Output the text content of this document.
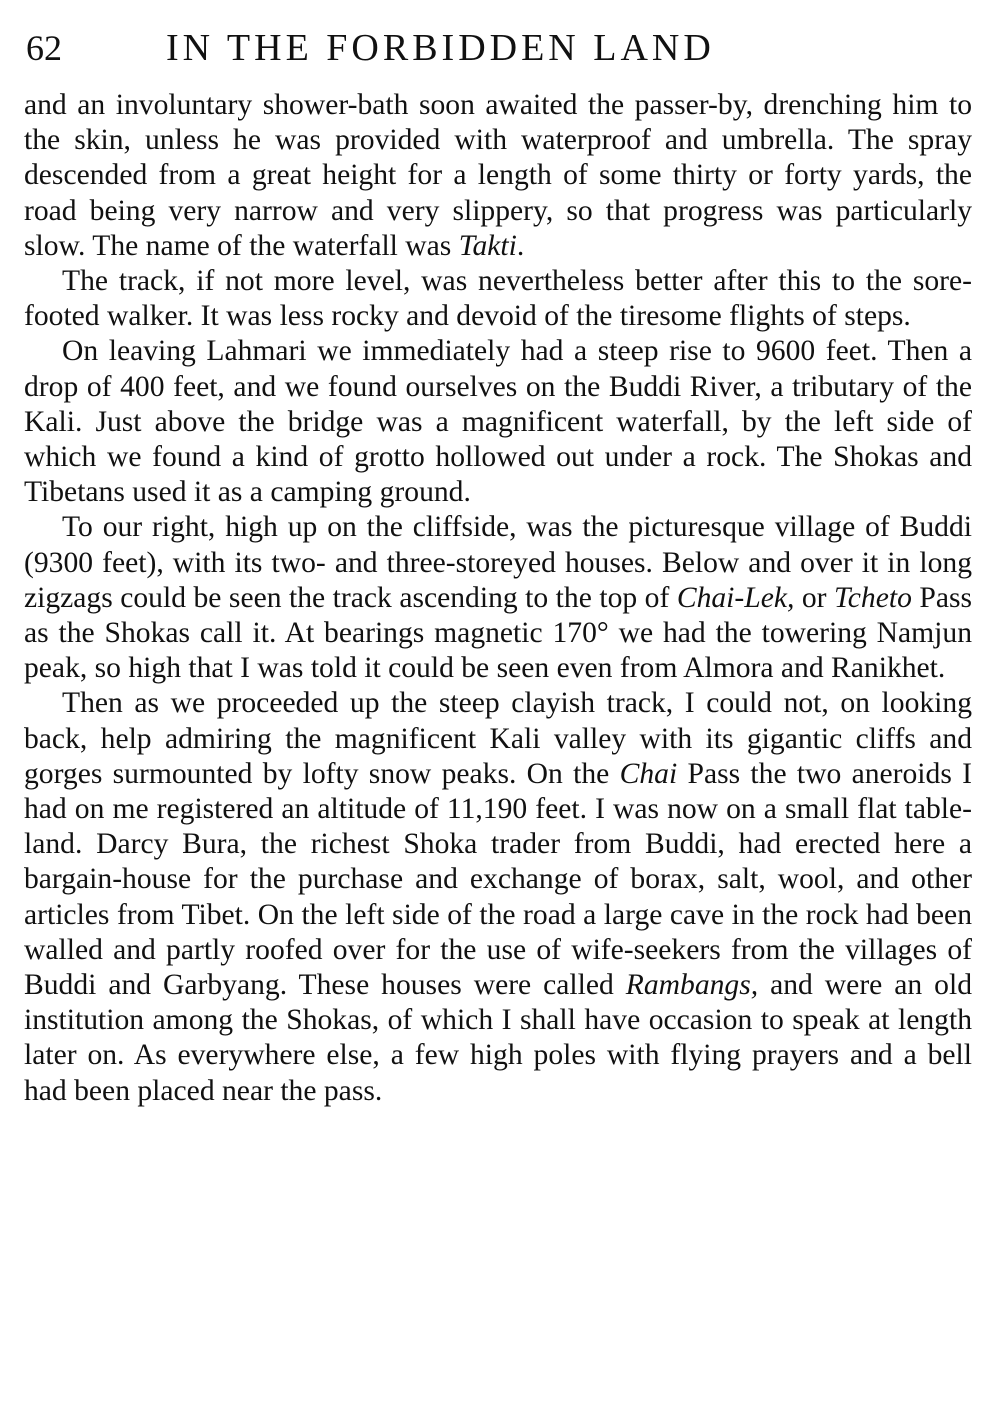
62	IN THE FORBIDDEN LAND

and an involuntary shower-bath soon awaited the passer-by, drenching him to the skin, unless he was provided with waterproof and umbrella. The spray descended from a great height for a length of some thirty or forty yards, the road being very narrow and very slippery, so that progress was particularly slow. The name of the waterfall was Takti.

The track, if not more level, was nevertheless better after this to the sore-footed walker. It was less rocky and devoid of the tiresome flights of steps.

On leaving Lahmari we immediately had a steep rise to 9600 feet. Then a drop of 400 feet, and we found ourselves on the Buddi River, a tributary of the Kali. Just above the bridge was a magnificent waterfall, by the left side of which we found a kind of grotto hollowed out under a rock. The Shokas and Tibetans used it as a camping ground.

To our right, high up on the cliffside, was the picturesque village of Buddi (9300 feet), with its two- and three-storeyed houses. Below and over it in long zigzags could be seen the track ascending to the top of Chai-Lek, or Tcheto Pass as the Shokas call it. At bearings magnetic 170° we had the towering Namjun peak, so high that I was told it could be seen even from Almora and Ranikhet.

Then as we proceeded up the steep clayish track, I could not, on looking back, help admiring the magnificent Kali valley with its gigantic cliffs and gorges surmounted by lofty snow peaks. On the Chai Pass the two aneroids I had on me registered an altitude of 11,190 feet. I was now on a small flat table-land. Darcy Bura, the richest Shoka trader from Buddi, had erected here a bargain-house for the purchase and exchange of borax, salt, wool, and other articles from Tibet. On the left side of the road a large cave in the rock had been walled and partly roofed over for the use of wife-seekers from the villages of Buddi and Garbyang. These houses were called Rambangs, and were an old institution among the Shokas, of which I shall have occasion to speak at length later on. As everywhere else, a few high poles with flying prayers and a bell had been placed near the pass.
